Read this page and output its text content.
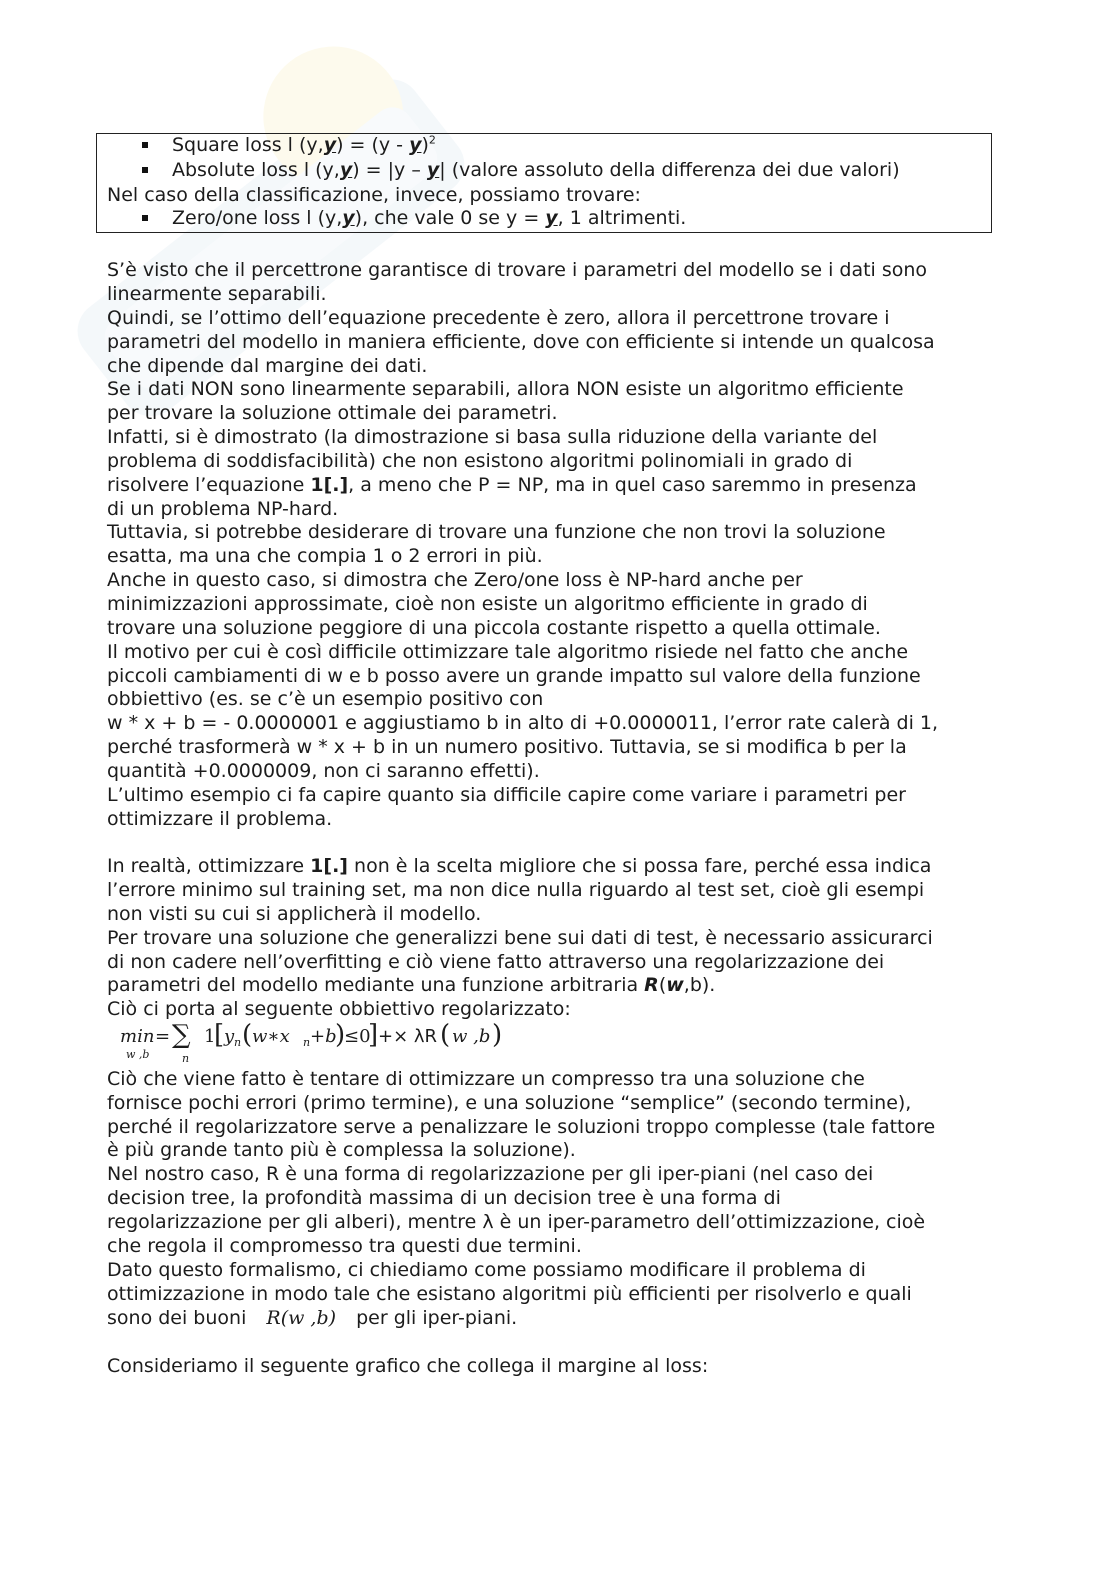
Square loss l (y,y) = (y - y)$^2$
Absolute loss l (y,y) = |y – y| (valore assoluto della differenza dei due valori)
Nel caso della classificazione, invece, possiamo trovare:
Zero/one loss l (y,y), che vale 0 se y = y, 1 altrimenti.
S’è visto che il percettrone garantisce di trovare i parametri del modello se i dati sono
linearmente separabili.
Quindi, se l’ottimo dell’equazione precedente è zero, allora il percettrone trovare i
parametri del modello in maniera efficiente, dove con efficiente si intende un qualcosa
che dipende dal margine dei dati.
Se i dati NON sono linearmente separabili, allora NON esiste un algoritmo efficiente
per trovare la soluzione ottimale dei parametri.
Infatti, si è dimostrato (la dimostrazione si basa sulla riduzione della variante del
problema di soddisfacibilità) che non esistono algoritmi polinomiali in grado di
risolvere l’equazione 1[.], a meno che P = NP, ma in quel caso saremmo in presenza
di un problema NP-hard.
Tuttavia, si potrebbe desiderare di trovare una funzione che non trovi la soluzione
esatta, ma una che compia 1 o 2 errori in più.
Anche in questo caso, si dimostra che Zero/one loss è NP-hard anche per
minimizzazioni approssimate, cioè non esiste un algoritmo efficiente in grado di
trovare una soluzione peggiore di una piccola costante rispetto a quella ottimale.
Il motivo per cui è così difficile ottimizzare tale algoritmo risiede nel fatto che anche
piccoli cambiamenti di w e b posso avere un grande impatto sul valore della funzione
obbiettivo (es. se c’è un esempio positivo con
w * x + b = - 0.0000001 e aggiustiamo b in alto di +0.0000011, l’error rate calerà di 1,
perché trasformerà w * x + b in un numero positivo. Tuttavia, se si modifica b per la
quantità +0.0000009, non ci saranno effetti).
L’ultimo esempio ci fa capire quanto sia difficile capire come variare i parametri per
ottimizzare il problema.
In realtà, ottimizzare 1[.] non è la scelta migliore che si possa fare, perché essa indica
l’errore minimo sul training set, ma non dice nulla riguardo al test set, cioè gli esempi
non visti su cui si applicherà il modello.
Per trovare una soluzione che generalizzi bene sui dati di test, è necessario assicurarci
di non cadere nell’overfitting e ciò viene fatto attraverso una regolarizzazione dei
parametri del modello mediante una funzione arbitraria R(w,b).
Ciò ci porta al seguente obbiettivo regolarizzato:
min
w ,b
= ∑
n
1
[ y n ( w∗x n +b
)
≤0
] +× λR ( w ,b )
Ciò che viene fatto è tentare di ottimizzare un compresso tra una soluzione che
fornisce pochi errori (primo termine), e una soluzione “semplice” (secondo termine),
perché il regolarizzatore serve a penalizzare le soluzioni troppo complesse (tale fattore
è più grande tanto più è complessa la soluzione).
Nel nostro caso, R è una forma di regolarizzazione per gli iper-piani (nel caso dei
decision tree, la profondità massima di un decision tree è una forma di
regolarizzazione per gli alberi), mentre λ è un iper-parametro dell’ottimizzazione, cioè
che regola il compromesso tra questi due termini.
Dato questo formalismo, ci chiediamo come possiamo modificare il problema di
ottimizzazione in modo tale che esistano algoritmi più efficienti per risolverlo e quali
sono dei buoni R(w ,b) per gli iper-piani.
Consideriamo il seguente grafico che collega il margine al loss:
